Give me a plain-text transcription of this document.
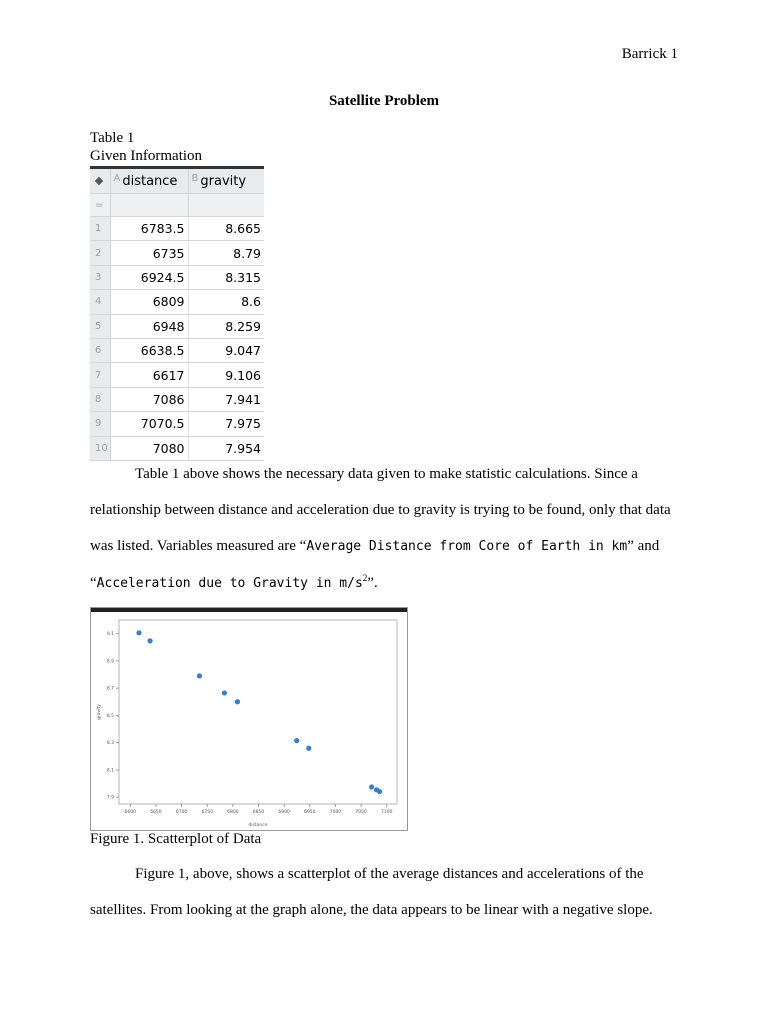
Barrick 1
Satellite Problem
Table 1
Given Information
	$^A$ distance	$^B$ gravity
=		
1	6783.5	8.665
2	6735	8.79
3	6924.5	8.315
4	6809	8.6
5	6948	8.259
6	6638.5	9.047
7	6617	9.106
8	7086	7.941
9	7070.5	7.975
10	7080	7.954
Table 1 above shows the necessary data given to make statistic calculations. Since a relationship between distance and acceleration due to gravity is trying to be found, only that data was listed. Variables measured are “Average Distance from Core of Earth in km” and “Acceleration due to Gravity in $m/s^2$”.
7.9
8.1
8.3
8.5
8.7
8.9
9.1
6600	6650	6700	6750	6800	6850	6900	6950	7000	7050	7100
distance
gravity
Figure 1. Scatterplot of Data
Figure 1, above, shows a scatterplot of the average distances and accelerations of the satellites. From looking at the graph alone, the data appears to be linear with a negative slope.
